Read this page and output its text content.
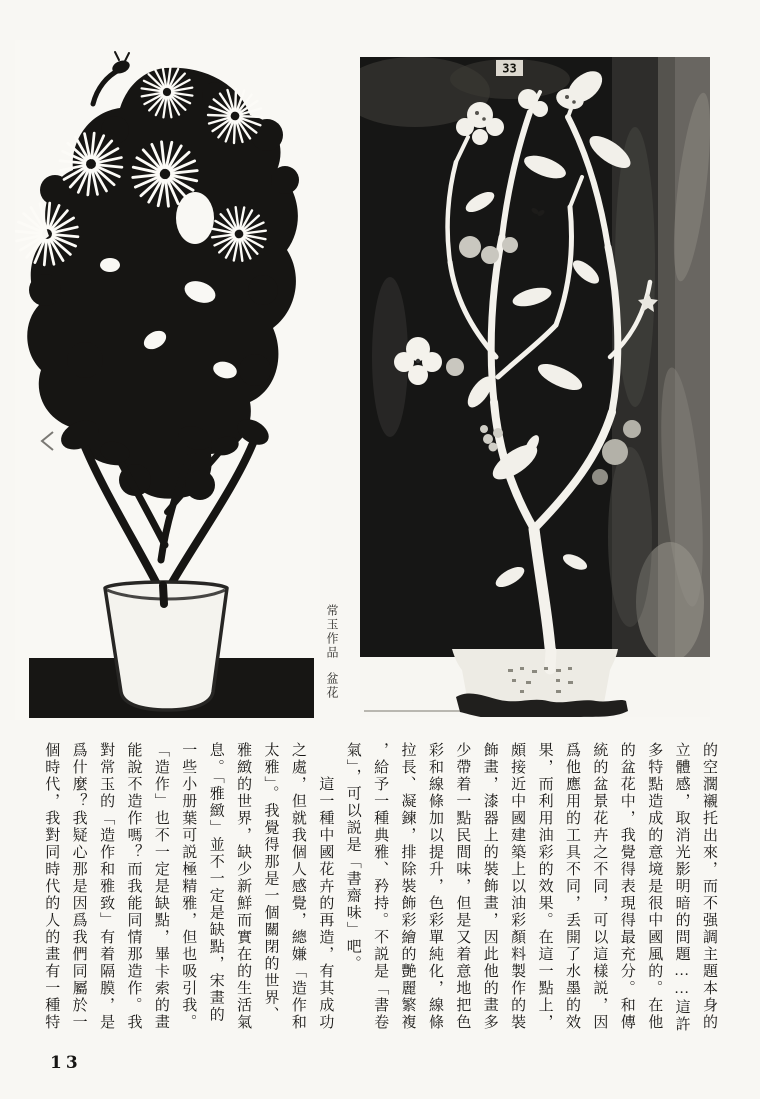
33
常玉作品盆花

的空濶襯托出來，而不强調主題本身的

立體感，取消光影明暗的問題……這許

多特點造成的意境是很中國風的。在他

的盆花中，我覺得表現得最充分。和傳

統的盆景花卉之不同，可以這樣説，因

爲他應用的工具不同，丢開了水墨的效

果，而利用油彩的效果。在這一點上，

頗接近中國建築上以油彩顏料製作的裝

飾畫，漆器上的裝飾畫，因此他的畫多

少帶着一點民間味，但是又着意地把色

彩和線條加以提升，色彩單純化，線條

拉長、凝鍊，排除裝飾彩繪的艷麗繁複

，給予一種典雅、矜持。不説是「書卷

氣」，可以説是「書齋味」吧。

這一種中國花卉的再造，有其成功

之處，但就我個人感覺，總嫌「造作和

太雅」。我覺得那是一個關閉的世界、

雅緻的世界，缺少新鮮而實在的生活氣

息。「雅緻」並不一定是缺點，宋畫的

一些小册葉可説極精雅，但也吸引我。

「造作」也不一定是缺點，畢卡索的畫

能說不造作嗎？而我能同情那造作。我

對常玉的「造作和雅致」有着隔膜，是

爲什麼？我疑心那是因爲我們同屬於一

個時代，我對同時代的人的畫有一種特

13
